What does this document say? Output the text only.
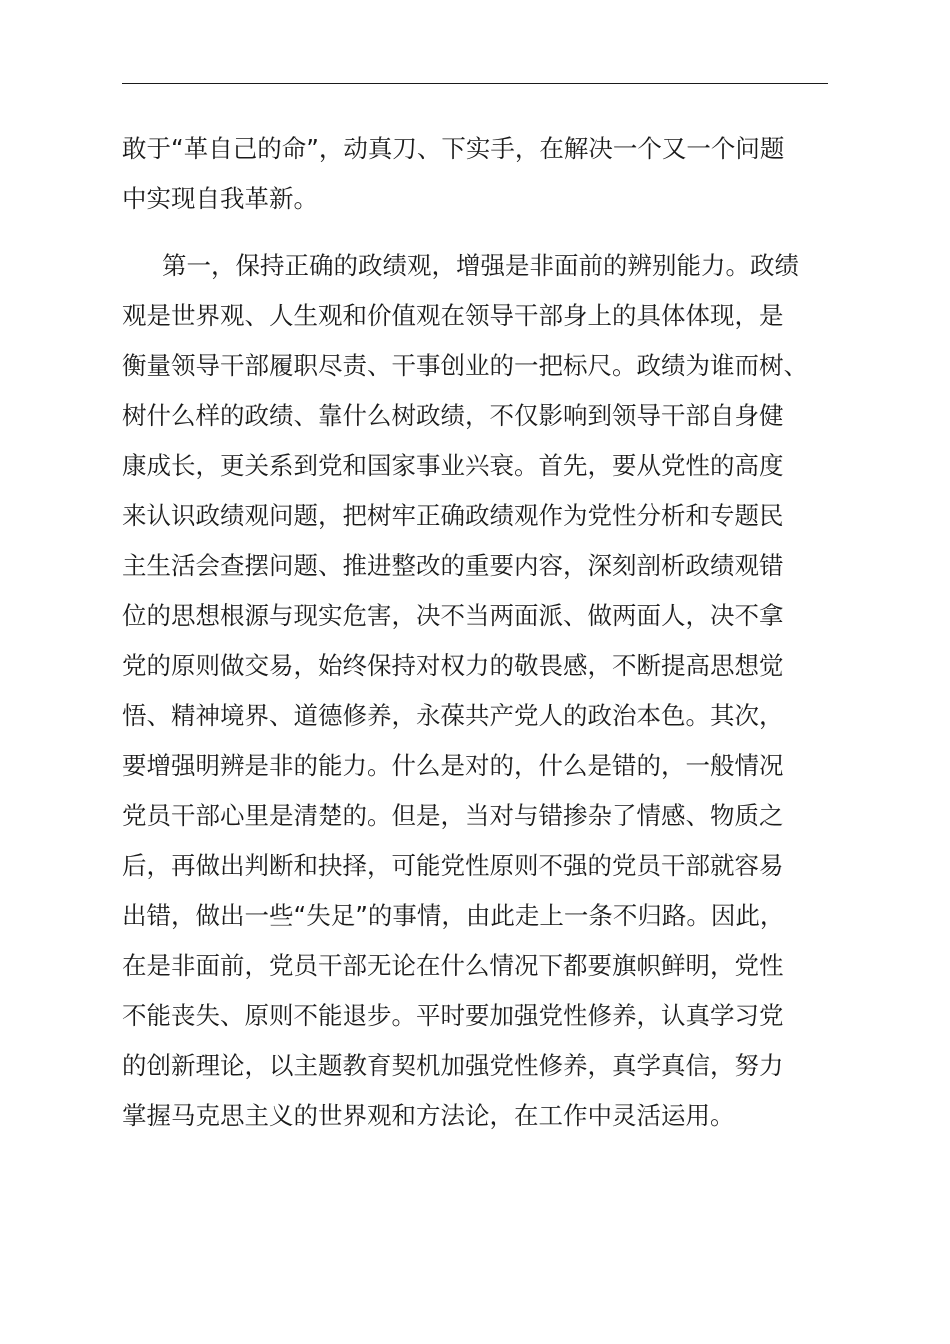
敢于“革自己的命”，动真刀、下实手，在解决一个又一个问题
中实现自我革新。
第一，保持正确的政绩观，增强是非面前的辨别能力。政绩
观是世界观、人生观和价值观在领导干部身上的具体体现，是
衡量领导干部履职尽责、干事创业的一把标尺。政绩为谁而树、
树什么样的政绩、靠什么树政绩，不仅影响到领导干部自身健
康成长，更关系到党和国家事业兴衰。首先，要从党性的高度
来认识政绩观问题，把树牢正确政绩观作为党性分析和专题民
主生活会查摆问题、推进整改的重要内容，深刻剖析政绩观错
位的思想根源与现实危害，决不当两面派、做两面人，决不拿
党的原则做交易，始终保持对权力的敬畏感，不断提高思想觉
悟、精神境界、道德修养，永葆共产党人的政治本色。其次，
要增强明辨是非的能力。什么是对的，什么是错的，一般情况
党员干部心里是清楚的。但是，当对与错掺杂了情感、物质之
后，再做出判断和抉择，可能党性原则不强的党员干部就容易
出错，做出一些“失足”的事情，由此走上一条不归路。因此，
在是非面前，党员干部无论在什么情况下都要旗帜鲜明，党性
不能丧失、原则不能退步。平时要加强党性修养，认真学习党
的创新理论，以主题教育契机加强党性修养，真学真信，努力
掌握马克思主义的世界观和方法论，在工作中灵活运用。
